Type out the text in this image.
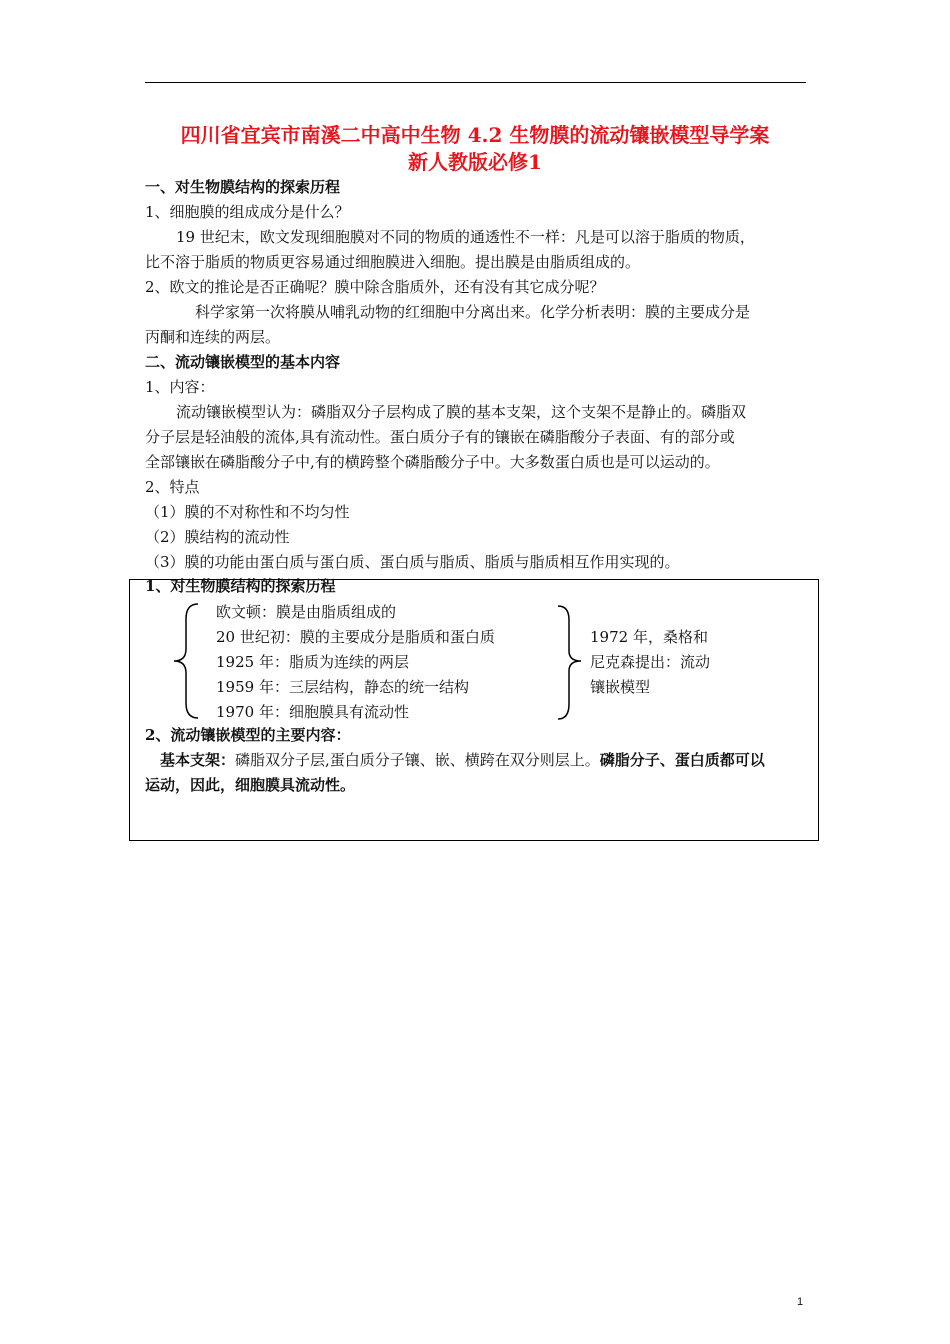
四川省宜宾市南溪二中高中生物 4.2 生物膜的流动镶嵌模型导学案
新人教版必修1
一、对生物膜结构的探索历程
1、细胞膜的组成成分是什么？
19 世纪末，欧文发现细胞膜对不同的物质的通透性不一样：凡是可以溶于脂质的物质，
比不溶于脂质的物质更容易通过细胞膜进入细胞。提出膜是由脂质组成的。
2、欧文的推论是否正确呢？膜中除含脂质外，还有没有其它成分呢？
科学家第一次将膜从哺乳动物的红细胞中分离出来。化学分析表明：膜的主要成分是
丙酮和连续的两层。
二、流动镶嵌模型的基本内容
1、内容：
流动镶嵌模型认为：磷脂双分子层构成了膜的基本支架，这个支架不是静止的。磷脂双
分子层是轻油般的流体,具有流动性。蛋白质分子有的镶嵌在磷脂酸分子表面、有的部分或
全部镶嵌在磷脂酸分子中,有的横跨整个磷脂酸分子中。大多数蛋白质也是可以运动的。
2、特点
（1）膜的不对称性和不均匀性
（2）膜结构的流动性
（3）膜的功能由蛋白质与蛋白质、蛋白质与脂质、脂质与脂质相互作用实现的。
1、对生物膜结构的探索历程
欧文顿：膜是由脂质组成的
20 世纪初：膜的主要成分是脂质和蛋白质
1925 年：脂质为连续的两层
1959 年：三层结构，静态的统一结构
1970 年：细胞膜具有流动性
1972 年，桑格和
尼克森提出：流动
镶嵌模型
2、流动镶嵌模型的主要内容：
基本支架：磷脂双分子层,蛋白质分子镶、嵌、横跨在双分则层上。磷脂分子、蛋白质都可以
运动，因此，细胞膜具流动性。
1
